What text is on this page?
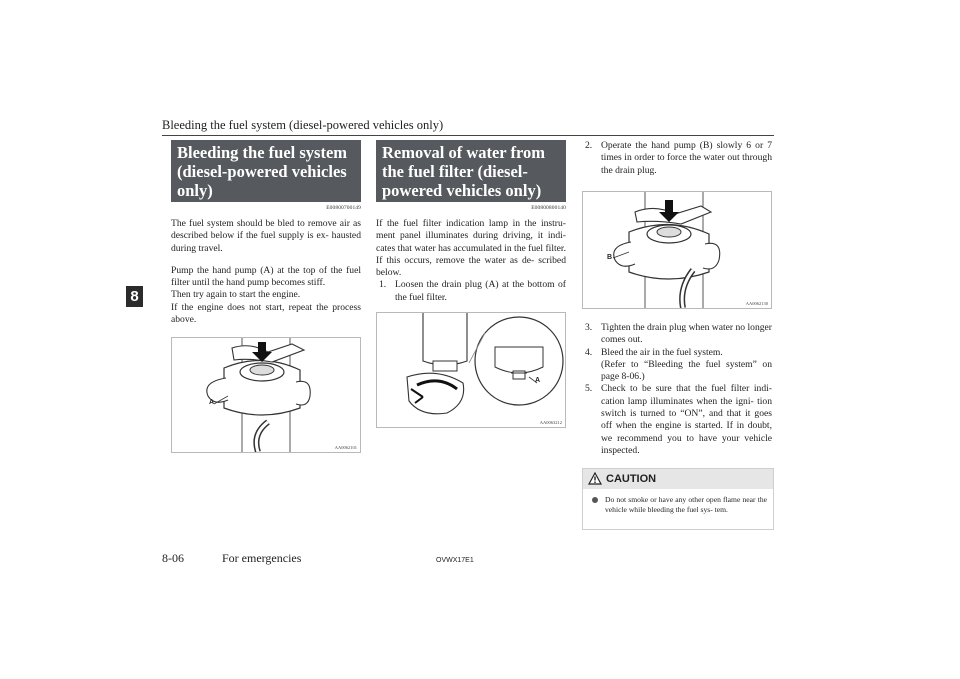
Bleeding the fuel system (diesel-powered vehicles only)
8
Bleeding the fuel system (diesel-powered vehicles only)
E00800700149

The fuel system should be bled to remove air as described below if the fuel supply is ex- hausted during travel.

Pump the hand pump (A) at the top of the fuel filter until the hand pump becomes stiff.

Then try again to start the engine.

If the engine does not start, repeat the process above.

A
AA0062101
Removal of water from the fuel filter (diesel-powered vehicles only)
E00800800140

If the fuel filter indication lamp in the instru- ment panel illuminates during driving, it indi- cates that water has accumulated in the fuel filter. If this occurs, remove the water as de- scribed below.

1. Loosen the drain plug (A) at the bottom of the fuel filter.
A
AA0063212
2. Operate the hand pump (B) slowly 6 or 7 times in order to force the water out through the drain plug.
B
AA0062130
3. Tighten the drain plug when water no longer comes out.
4. Bleed the air in the fuel system.
(Refer to “Bleeding the fuel system” on page 8-06.)
5. Check to be sure that the fuel filter indi- cation lamp illuminates when the igni- tion switch is turned to “ON”, and that it goes off when the engine is started. If in doubt, we recommend you to have your vehicle inspected.
CAUTION
Do not smoke or have any other open flame near the vehicle while bleeding the fuel sys- tem.
8-06	For emergencies	OVWX17E1
